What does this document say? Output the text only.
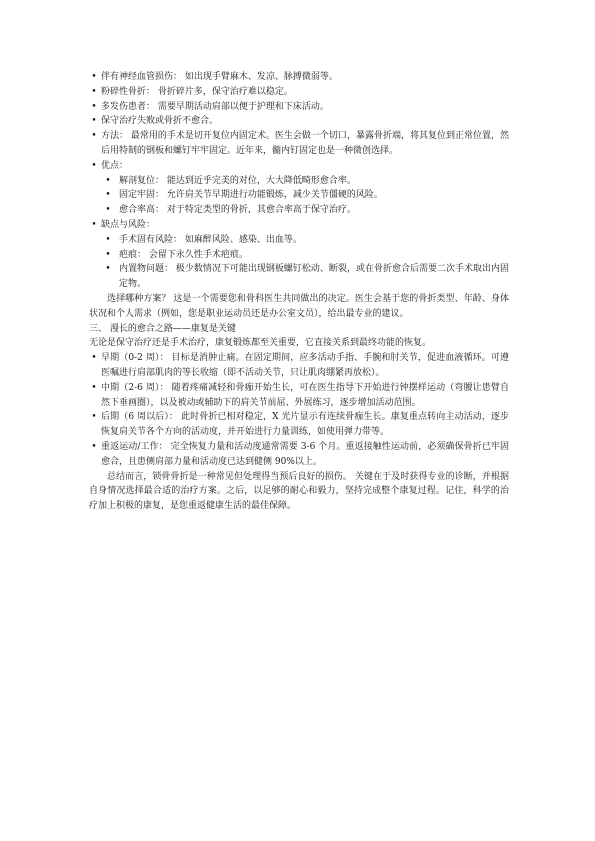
• 伴有神经血管损伤： 如出现手臂麻木、发凉、脉搏微弱等。
• 粉碎性骨折： 骨折碎片多，保守治疗难以稳定。
• 多发伤患者： 需要早期活动肩部以便于护理和下床活动。
• 保守治疗失败或骨折不愈合。
• 方法： 最常用的手术是切开复位内固定术。医生会做一个切口，暴露骨折端，将其复位到正常位置，然后用特制的钢板和螺钉牢牢固定。近年来，髓内钉固定也是一种微创选择。
• 优点：
• 解剖复位： 能达到近乎完美的对位，大大降低畸形愈合率。
• 固定牢固： 允许肩关节早期进行功能锻炼，减少关节僵硬的风险。
• 愈合率高： 对于特定类型的骨折，其愈合率高于保守治疗。
• 缺点与风险：
• 手术固有风险： 如麻醉风险、感染、出血等。
• 疤痕： 会留下永久性手术疤痕。
• 内置物问题： 极少数情况下可能出现钢板螺钉松动、断裂，或在骨折愈合后需要二次手术取出内固定物。
选择哪种方案？ 这是一个需要您和骨科医生共同做出的决定。医生会基于您的骨折类型、年龄、身体状况和个人需求（例如，您是职业运动员还是办公室文员），给出最专业的建议。
三、 漫长的愈合之路——康复是关键
无论是保守治疗还是手术治疗，康复锻炼都至关重要，它直接关系到最终功能的恢复。
• 早期（0-2 周）： 目标是消肿止痛。在固定期间，应多活动手指、手腕和肘关节，促进血液循环。可遵医嘱进行肩部肌肉的等长收缩（即不活动关节，只让肌肉绷紧再放松）。
• 中期（2-6 周）： 随着疼痛减轻和骨痂开始生长，可在医生指导下开始进行钟摆样运动（弯腰让患臂自然下垂画圈），以及被动或辅助下的肩关节前屈、外展练习，逐步增加活动范围。
• 后期（6 周以后）： 此时骨折已相对稳定，X 光片显示有连续骨痂生长。康复重点转向主动活动，逐步恢复肩关节各个方向的活动度，并开始进行力量训练，如使用弹力带等。
• 重返运动/工作： 完全恢复力量和活动度通常需要 3-6 个月。重返接触性运动前，必须确保骨折已牢固愈合，且患侧肩部力量和活动度已达到健侧 90%以上。
总结而言，锁骨骨折是一种常见但处理得当预后良好的损伤。 关键在于及时获得专业的诊断，并根据自身情况选择最合适的治疗方案。之后，以足够的耐心和毅力，坚持完成整个康复过程。记住，科学的治疗加上积极的康复，是您重返健康生活的最佳保障。
